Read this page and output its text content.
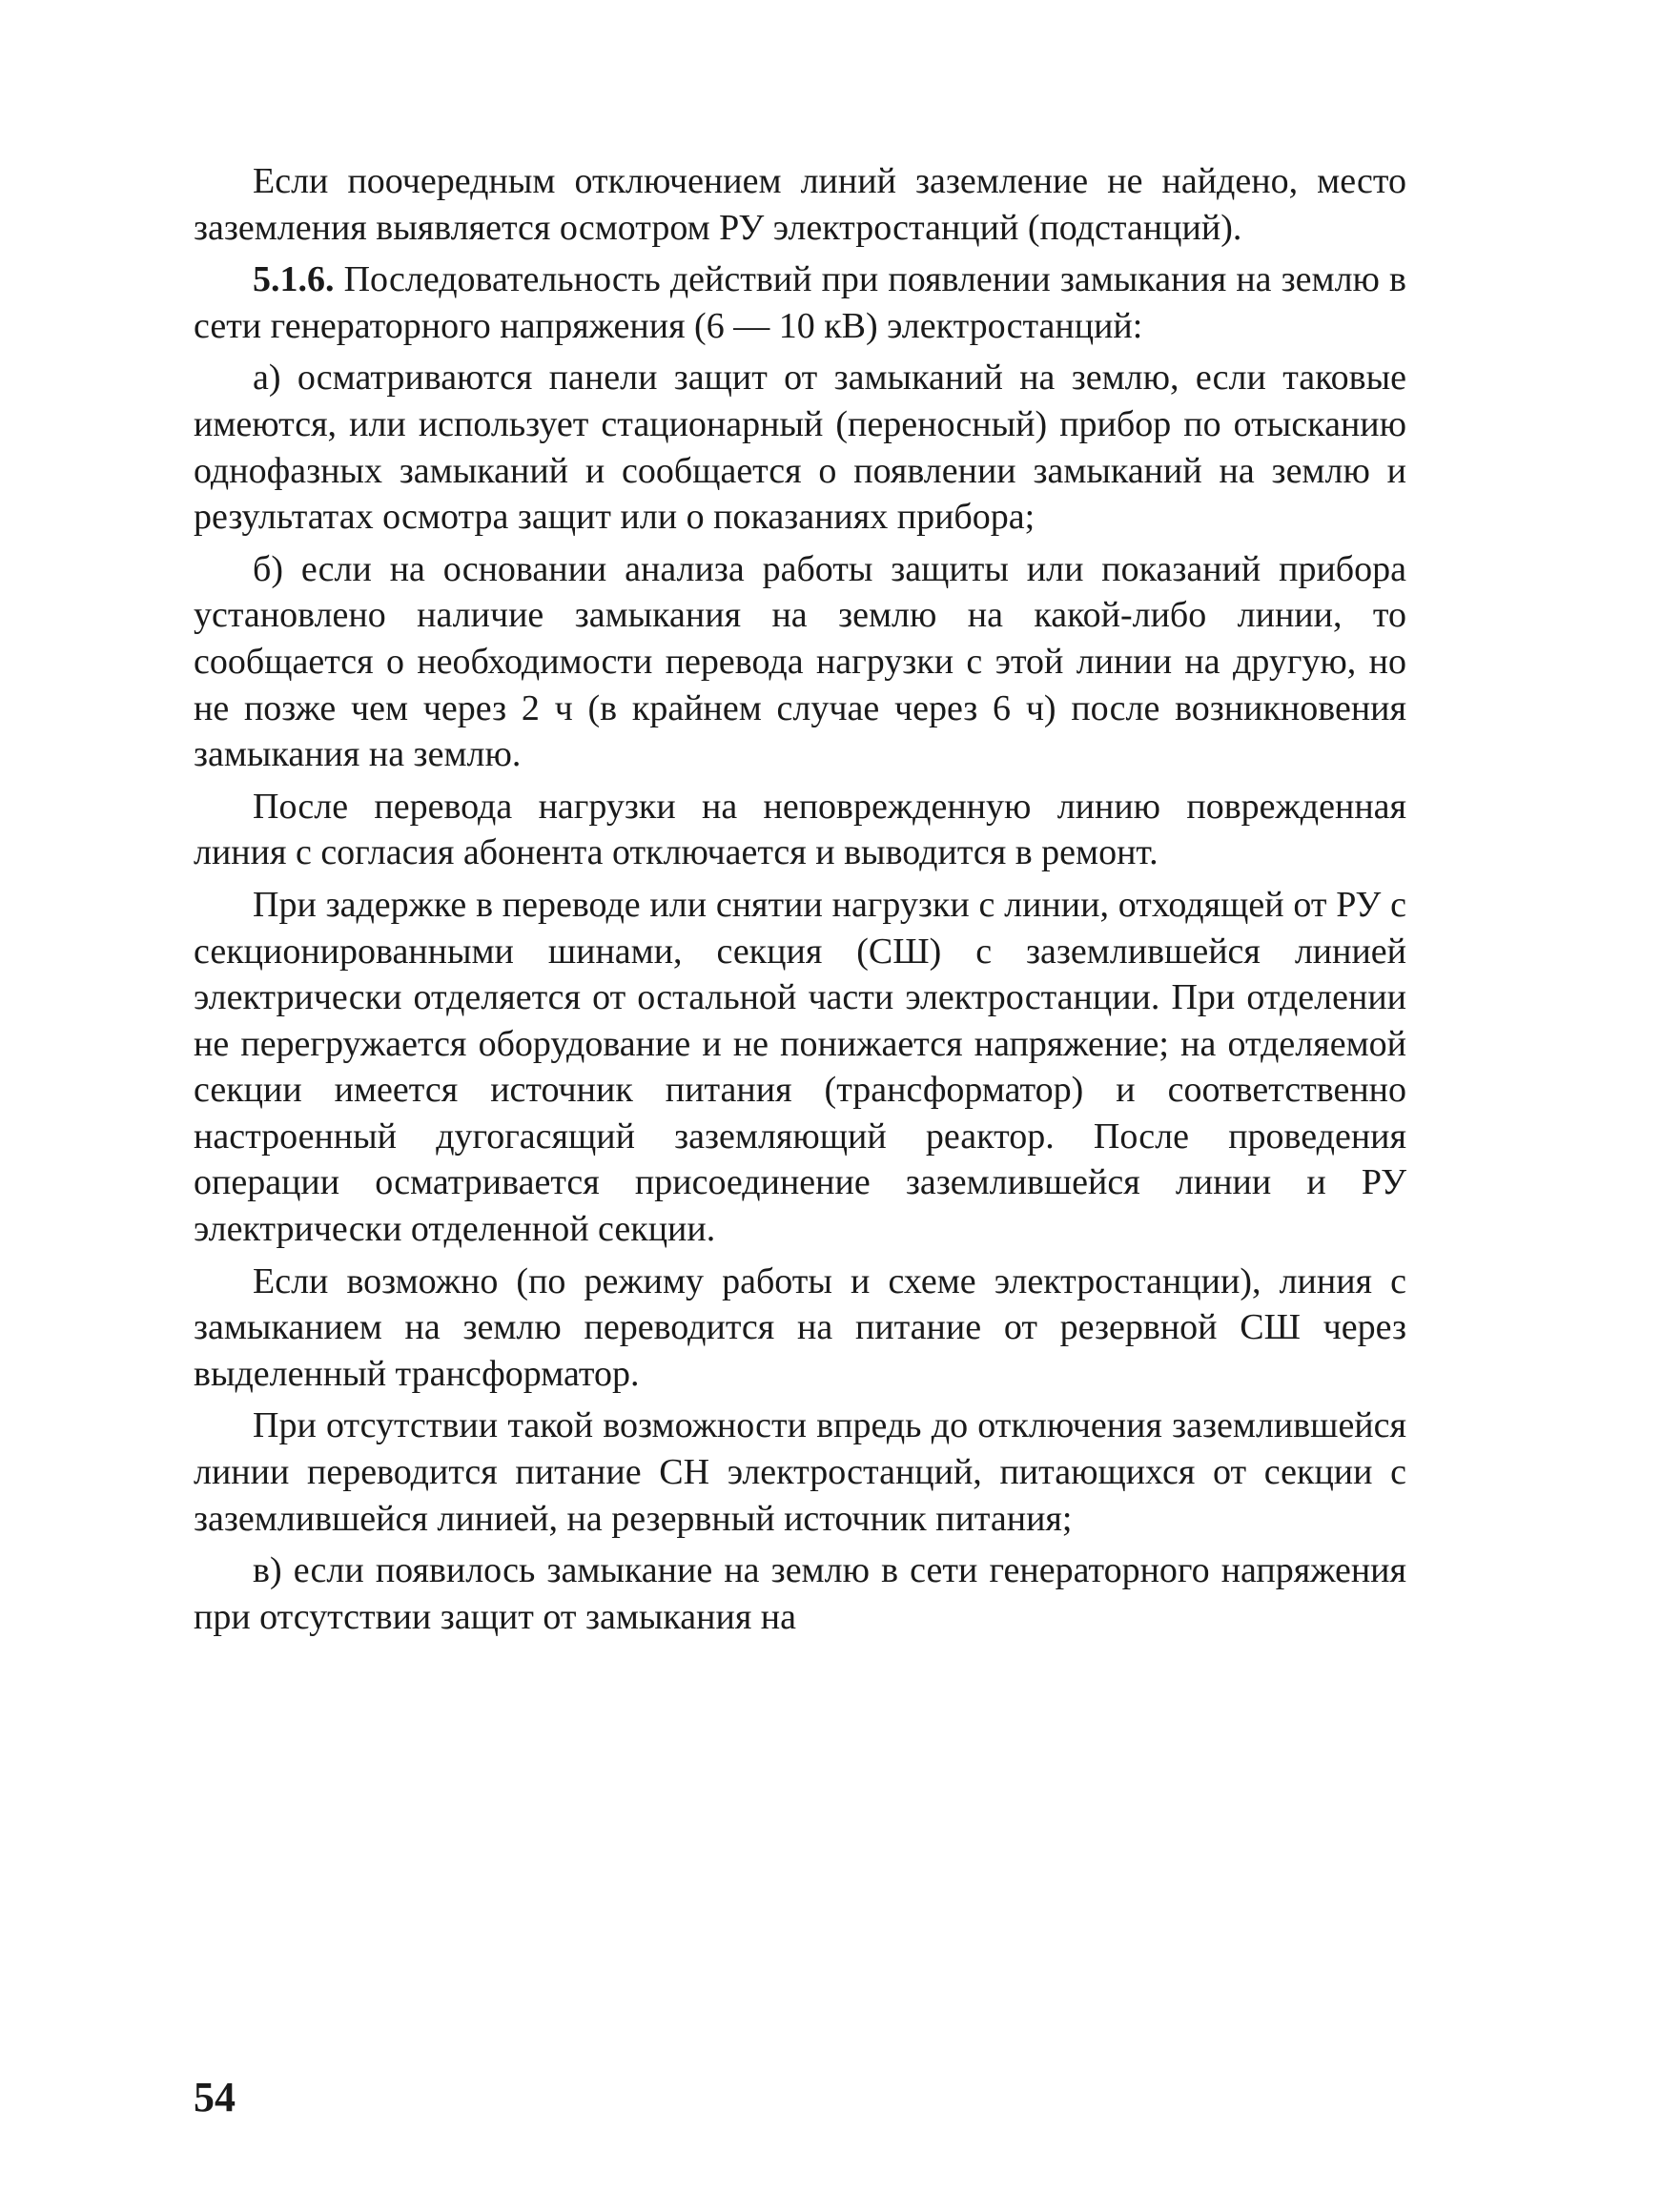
Если поочередным отключением линий заземление не найдено, место заземления выявляется осмотром РУ электростанций (подстанций).

5.1.6. Последовательность действий при появлении замыкания на землю в сети генераторного напряжения (6 — 10 кВ) электростанций:

а) осматриваются панели защит от замыканий на землю, если таковые имеются, или использует стационарный (переносный) прибор по отысканию однофазных замыканий и сообщается о появлении замыканий на землю и результатах осмотра защит или о показаниях прибора;

б) если на основании анализа работы защиты или показаний прибора установлено наличие замыкания на землю на какой-либо линии, то сообщается о необходимости перевода нагрузки с этой линии на другую, но не позже чем через 2 ч (в крайнем случае через 6 ч) после возникновения замыкания на землю.

После перевода нагрузки на неповрежденную линию поврежденная линия с согласия абонента отключается и выводится в ремонт.

При задержке в переводе или снятии нагрузки с линии, отходящей от РУ с секционированными шинами, секция (СШ) с заземлившейся линией электрически отделяется от остальной части электростанции. При отделении не перегружается оборудование и не понижается напряжение; на отделяемой секции имеется источник питания (трансформатор) и соответственно настроенный дугогасящий заземляющий реактор. После проведения операции осматривается присоединение заземлившейся линии и РУ электрически отделенной секции.

Если возможно (по режиму работы и схеме электростанции), линия с замыканием на землю переводится на питание от резервной СШ через выделенный трансформатор.

При отсутствии такой возможности впредь до отключения заземлившейся линии переводится питание СН электростанций, питающихся от секции с заземлившейся линией, на резервный источник питания;

в) если появилось замыкание на землю в сети генераторного напряжения при отсутствии защит от замыкания на

54
